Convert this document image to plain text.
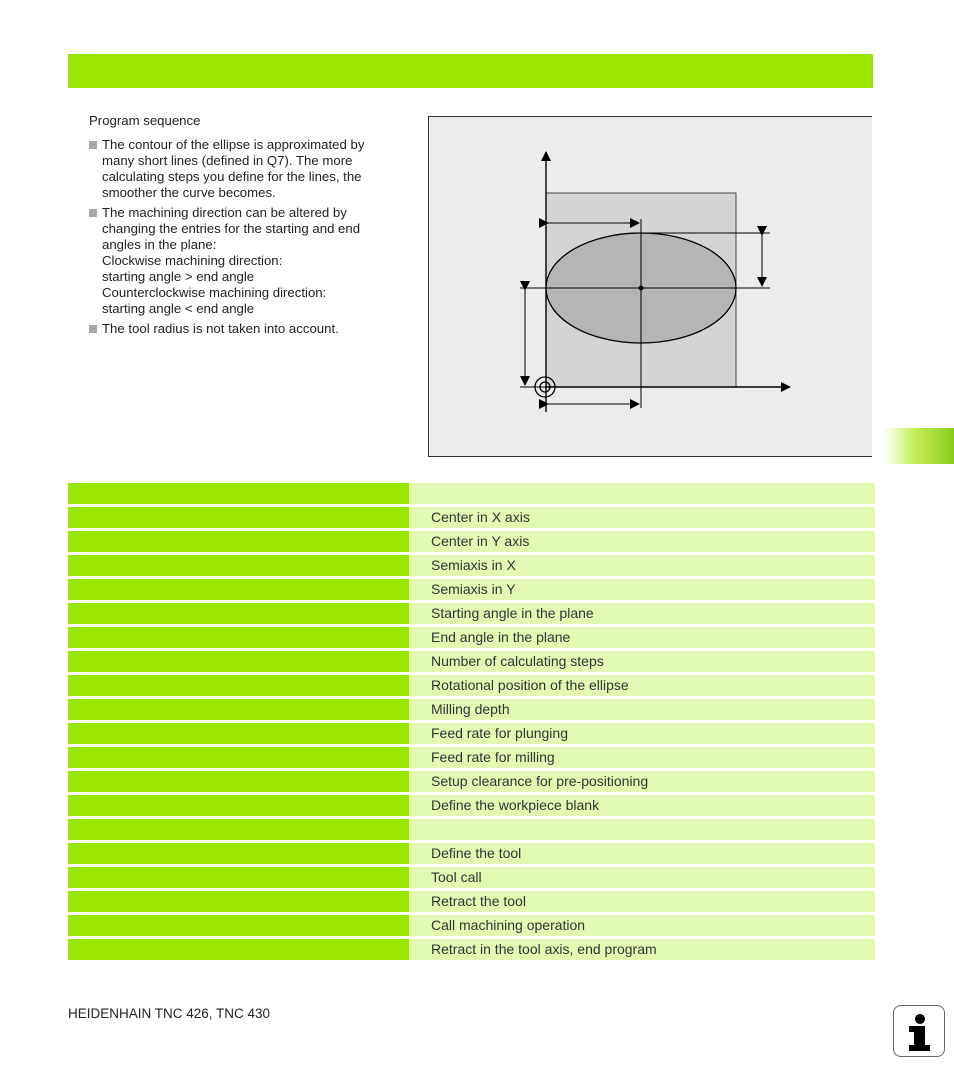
Program sequence

The contour of the ellipse is approximated by
many short lines (defined in Q7). The more
calculating steps you define for the lines, the
smoother the curve becomes.
The machining direction can be altered by
changing the entries for the starting and end
angles in the plane:
Clockwise machining direction:
starting angle > end angle
Counterclockwise machining direction:
starting angle < end angle
The tool radius is not taken into account.
Center in X axis
Center in Y axis
Semiaxis in X
Semiaxis in Y
Starting angle in the plane
End angle in the plane
Number of calculating steps
Rotational position of the ellipse
Milling depth
Feed rate for plunging
Feed rate for milling
Setup clearance for pre-positioning
Define the workpiece blank
Define the tool
Tool call
Retract the tool
Call machining operation
Retract in the tool axis, end program
HEIDENHAIN TNC 426, TNC 430
